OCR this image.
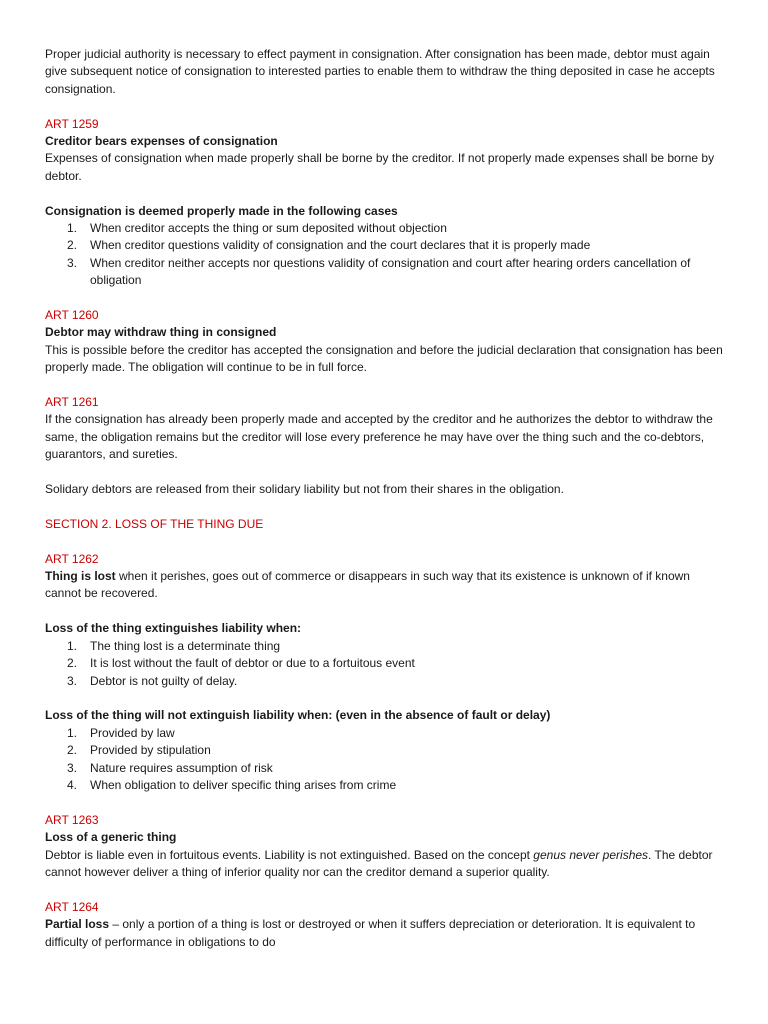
Proper judicial authority is necessary to effect payment in consignation. After consignation has been made, debtor must again give subsequent notice of consignation to interested parties to enable them to withdraw the thing deposited in case he accepts consignation.

ART 1259

Creditor bears expenses of consignation

Expenses of consignation when made properly shall be borne by the creditor. If not properly made expenses shall be borne by debtor.

Consignation is deemed properly made in the following cases

1.	When creditor accepts the thing or sum deposited without objection
2.	When creditor questions validity of consignation and the court declares that it is properly made
3.	When creditor neither accepts nor questions validity of consignation and court after hearing orders cancellation of obligation

ART 1260

Debtor may withdraw thing in consigned

This is possible before the creditor has accepted the consignation and before the judicial declaration that consignation has been properly made. The obligation will continue to be in full force.

ART 1261

If the consignation has already been properly made and accepted by the creditor and he authorizes the debtor to withdraw the same, the obligation remains but the creditor will lose every preference he may have over the thing such and the co-debtors, guarantors, and sureties.

Solidary debtors are released from their solidary liability but not from their shares in the obligation.

SECTION 2. LOSS OF THE THING DUE

ART 1262

Thing is lost when it perishes, goes out of commerce or disappears in such way that its existence is unknown of if known cannot be recovered.

Loss of the thing extinguishes liability when:

1.	The thing lost is a determinate thing
2.	It is lost without the fault of debtor or due to a fortuitous event
3.	Debtor is not guilty of delay.

Loss of the thing will not extinguish liability when: (even in the absence of fault or delay)

1.	Provided by law
2.	Provided by stipulation
3.	Nature requires assumption of risk
4.	When obligation to deliver specific thing arises from crime

ART 1263

Loss of a generic thing

Debtor is liable even in fortuitous events. Liability is not extinguished. Based on the concept genus never perishes. The debtor cannot however deliver a thing of inferior quality nor can the creditor demand a superior quality.

ART 1264

Partial loss – only a portion of a thing is lost or destroyed or when it suffers depreciation or deterioration. It is equivalent to difficulty of performance in obligations to do
